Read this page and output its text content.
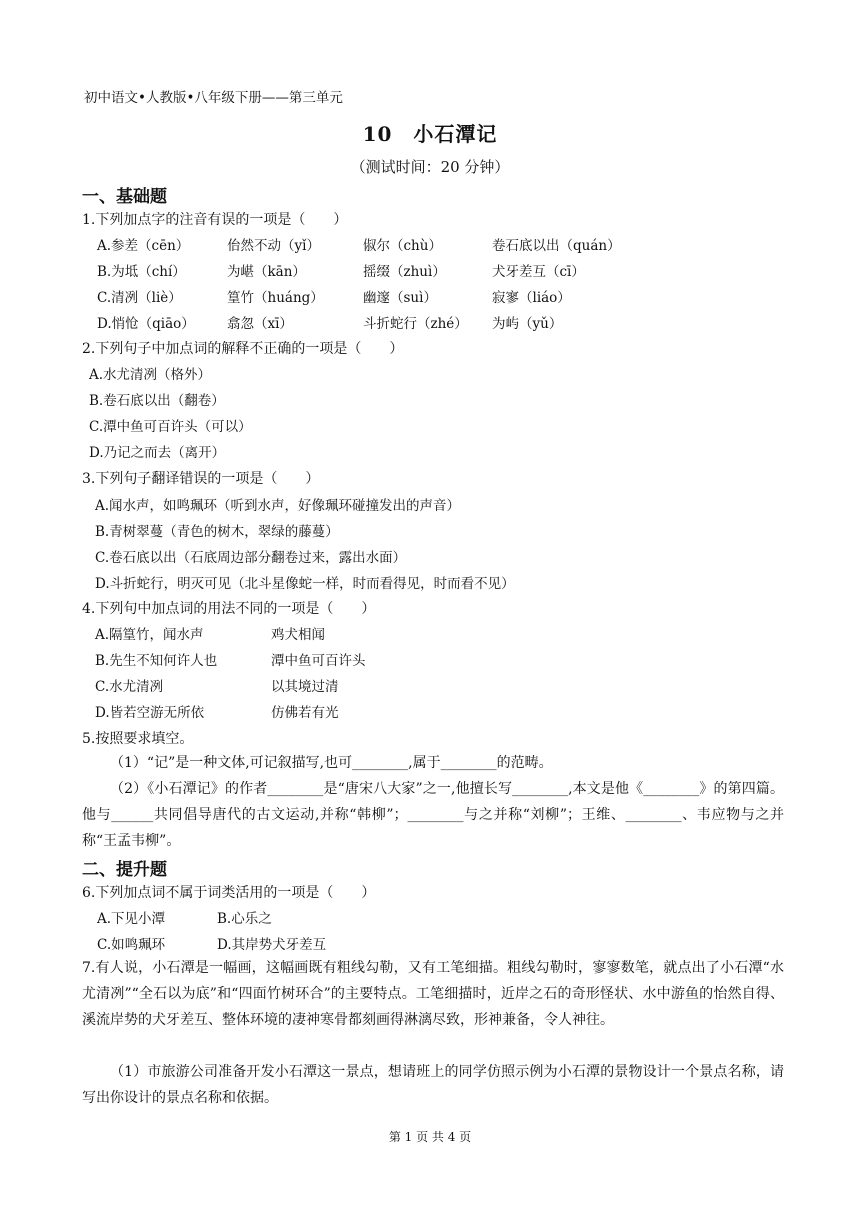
初中语文•人教版•八年级下册——第三单元
10　小石潭记
（测试时间：20 分钟）
一、基础题
1.下列加点字的注音有误的一项是（　　）
A.参差（cēn）	佁然不动（yǐ）	俶尔（chù）	卷石底以出（quán）
B.为坻（chí）	为嵁（kān）	摇缀（zhuì）	犬牙差互（cī）
C.清冽（liè）	篁竹（huáng）	幽邃（suì）	寂寥（liáo）
D.悄怆（qiāo） 翕忽（xī）	斗折蛇行（zhé） 为屿（yǔ）
2.下列句子中加点词的解释不正确的一项是（　　）
A.水尤清冽（格外）
B.卷石底以出（翻卷）
C.潭中鱼可百许头（可以）
D.乃记之而去（离开）
3.下列句子翻译错误的一项是（　　）
A.闻水声，如鸣珮环（听到水声，好像珮环碰撞发出的声音）
B.青树翠蔓（青色的树木，翠绿的藤蔓）
C.卷石底以出（石底周边部分翻卷过来，露出水面）
D.斗折蛇行，明灭可见（北斗星像蛇一样，时而看得见，时而看不见）
4.下列句中加点词的用法不同的一项是（　　）
A.隔篁竹，闻水声	鸡犬相闻
B.先生不知何许人也	潭中鱼可百许头
C.水尤清冽	以其境过清
D.皆若空游无所依	仿佛若有光
5.按照要求填空。
（1）“记”是一种文体,可记叙描写,也可________,属于________的范畴。
（2）《小石潭记》的作者________是“唐宋八大家”之一,他擅长写________,本文是他《________》的第四篇。他与______共同倡导唐代的古文运动,并称“韩柳”；________与之并称“刘柳”；王维、________、韦应物与之并称“王孟韦柳”。
二、提升题
6.下列加点词不属于词类活用的一项是（　　）
A.下见小潭	B.心乐之
C.如鸣珮环	D.其岸势犬牙差互
7.有人说，小石潭是一幅画，这幅画既有粗线勾勒，又有工笔细描。粗线勾勒时，寥寥数笔，就点出了小石潭“水尤清冽”“全石以为底”和“四面竹树环合”的主要特点。工笔细描时，近岸之石的奇形怪状、水中游鱼的怡然自得、溪流岸势的犬牙差互、整体环境的凄神寒骨都刻画得淋漓尽致，形神兼备，令人神往。
（1）市旅游公司准备开发小石潭这一景点，想请班上的同学仿照示例为小石潭的景物设计一个景点名称，请写出你设计的景点名称和依据。
第 1 页 共 4 页
